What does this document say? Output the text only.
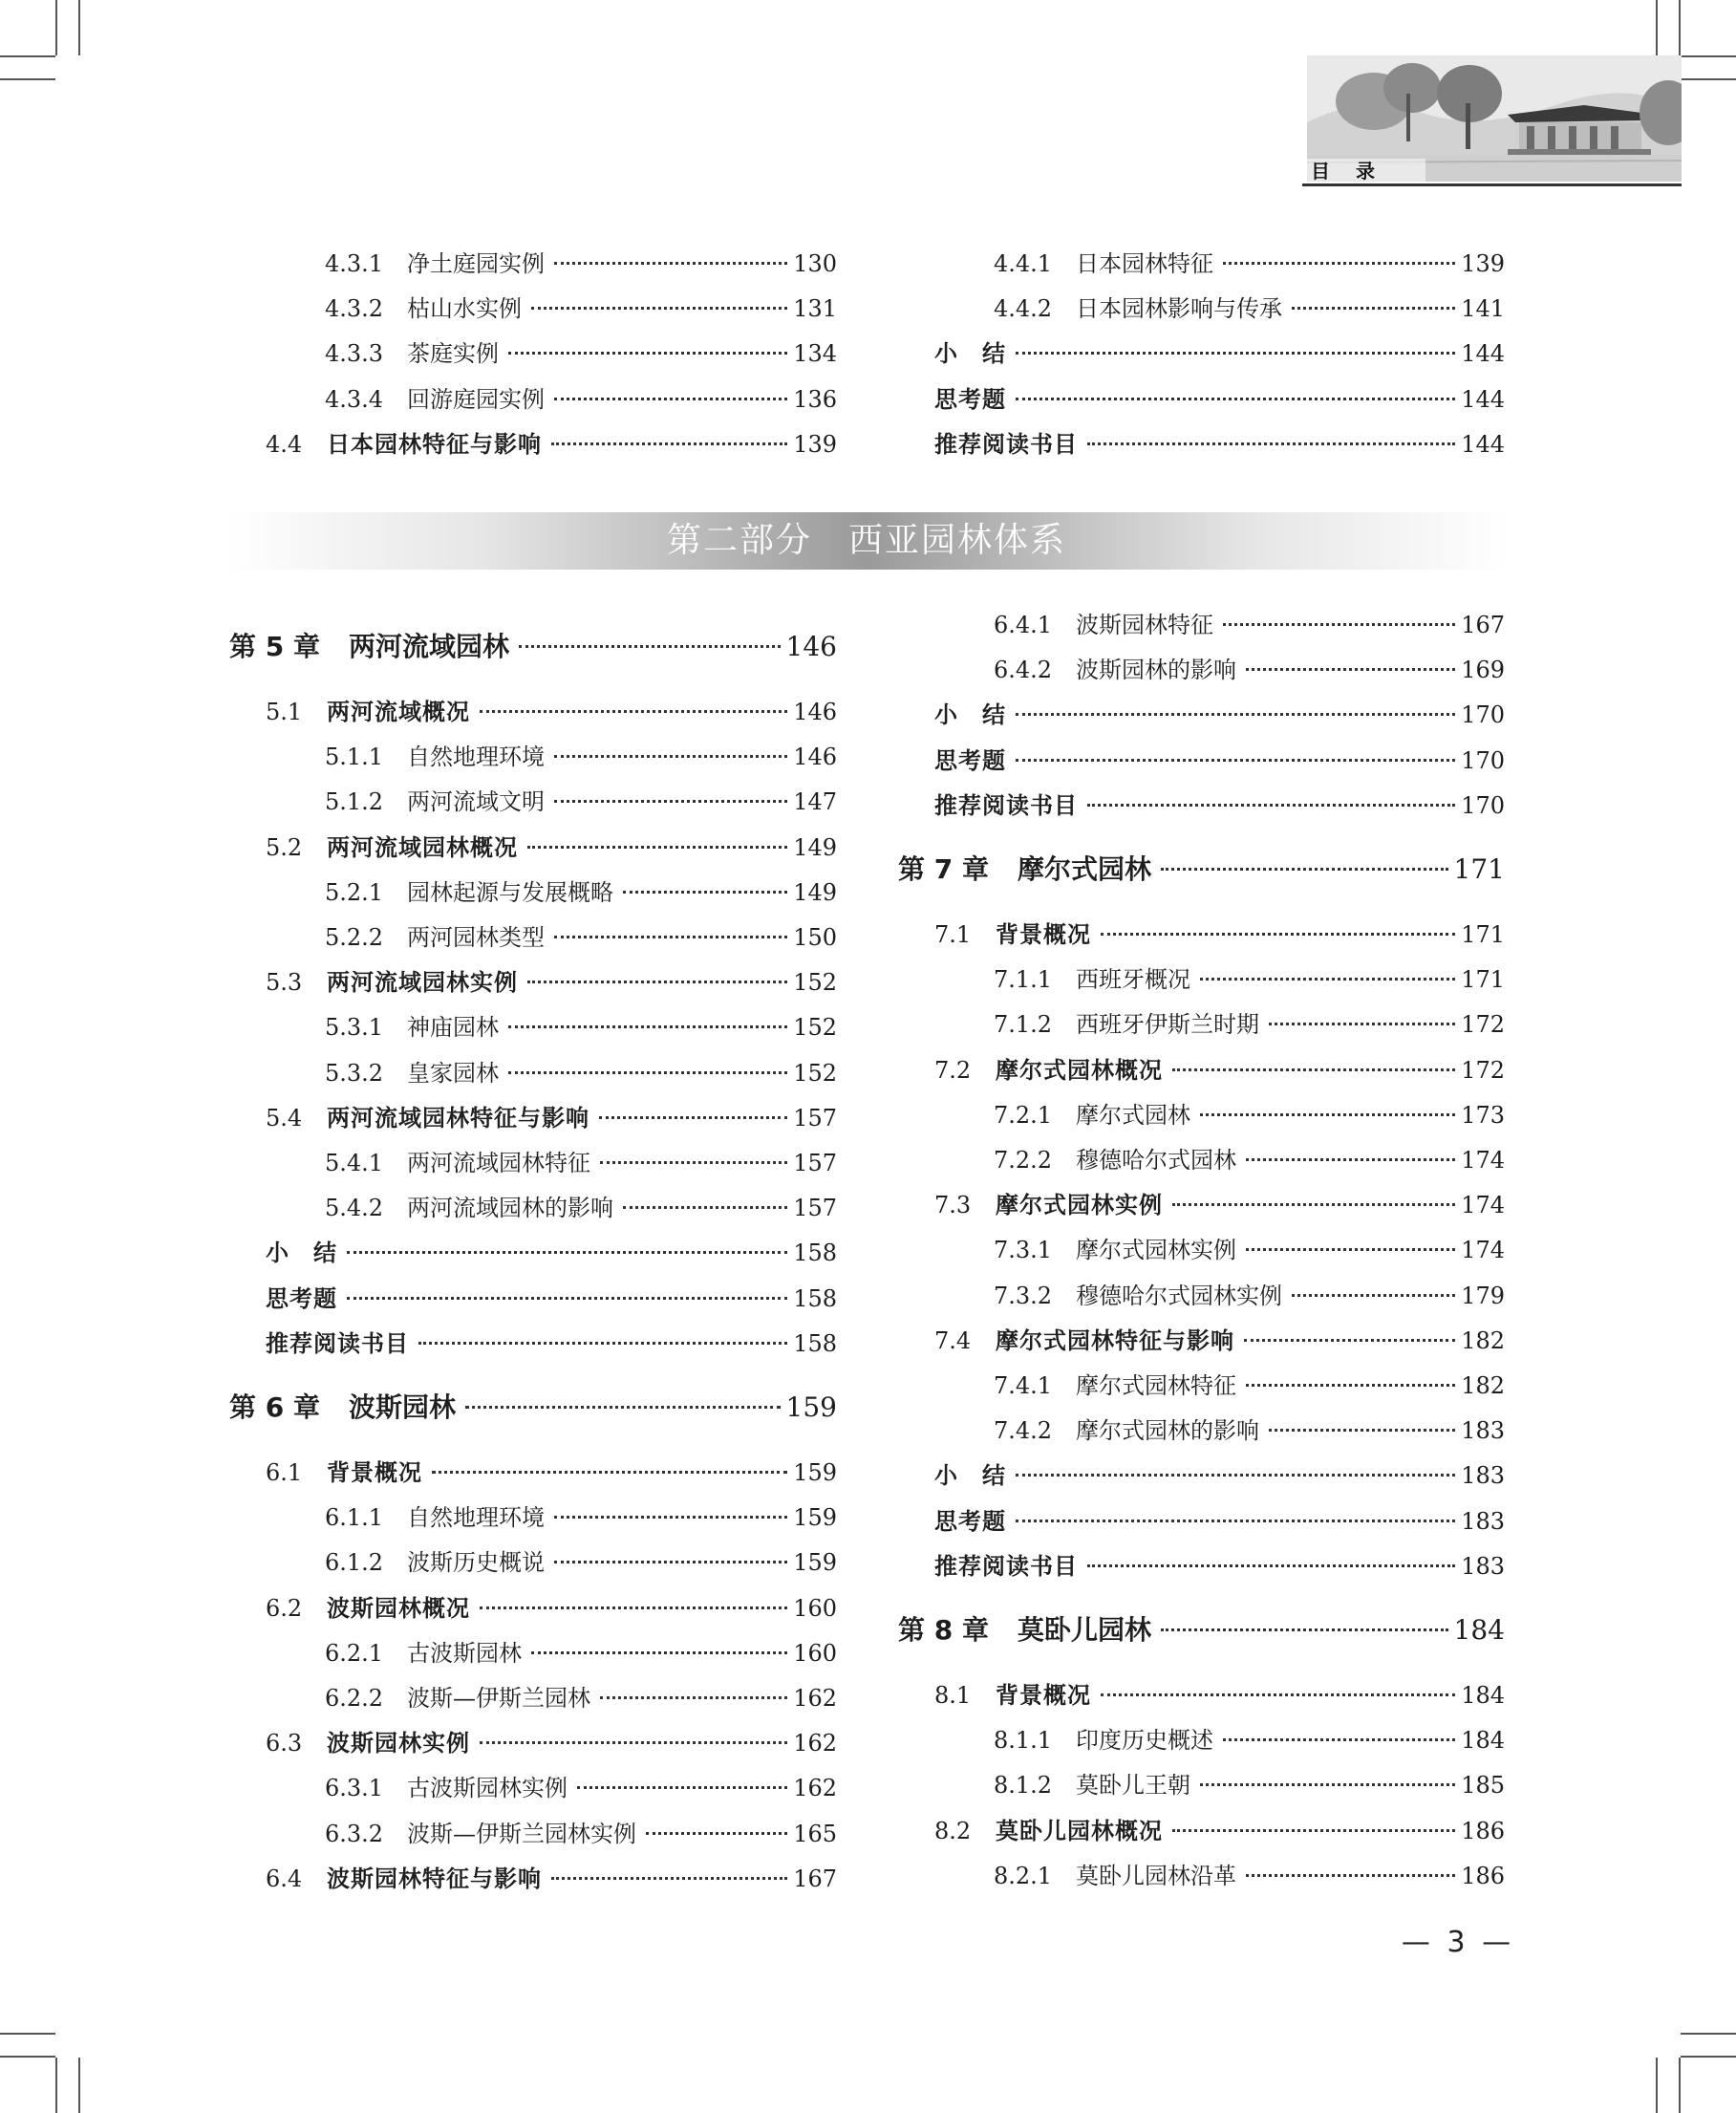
目 录
4.3.1	净土庭园实例	130
4.3.2	枯山水实例	131
4.3.3	茶庭实例	134
4.3.4	回游庭园实例	136
4.4	日本园林特征与影响	139
4.4.1	日本园林特征	139
4.4.2	日本园林影响与传承	141
小　结	144
思考题	144
推荐阅读书目	144
第二部分　西亚园林体系
第 5 章	两河流域园林	146
5.1	两河流域概况	146
5.1.1	自然地理环境	146
5.1.2	两河流域文明	147
5.2	两河流域园林概况	149
5.2.1	园林起源与发展概略	149
5.2.2	两河园林类型	150
5.3	两河流域园林实例	152
5.3.1	神庙园林	152
5.3.2	皇家园林	152
5.4	两河流域园林特征与影响	157
5.4.1	两河流域园林特征	157
5.4.2	两河流域园林的影响	157
小　结	158
思考题	158
推荐阅读书目	158
第 6 章	波斯园林	159
6.1	背景概况	159
6.1.1	自然地理环境	159
6.1.2	波斯历史概说	159
6.2	波斯园林概况	160
6.2.1	古波斯园林	160
6.2.2	波斯—伊斯兰园林	162
6.3	波斯园林实例	162
6.3.1	古波斯园林实例	162
6.3.2	波斯—伊斯兰园林实例	165
6.4	波斯园林特征与影响	167
6.4.1	波斯园林特征	167
6.4.2	波斯园林的影响	169
小　结	170
思考题	170
推荐阅读书目	170
第 7 章	摩尔式园林	171
7.1	背景概况	171
7.1.1	西班牙概况	171
7.1.2	西班牙伊斯兰时期	172
7.2	摩尔式园林概况	172
7.2.1	摩尔式园林	173
7.2.2	穆德哈尔式园林	174
7.3	摩尔式园林实例	174
7.3.1	摩尔式园林实例	174
7.3.2	穆德哈尔式园林实例	179
7.4	摩尔式园林特征与影响	182
7.4.1	摩尔式园林特征	182
7.4.2	摩尔式园林的影响	183
小　结	183
思考题	183
推荐阅读书目	183
第 8 章	莫卧儿园林	184
8.1	背景概况	184
8.1.1	印度历史概述	184
8.1.2	莫卧儿王朝	185
8.2	莫卧儿园林概况	186
8.2.1	莫卧儿园林沿革	186
— 3 —
